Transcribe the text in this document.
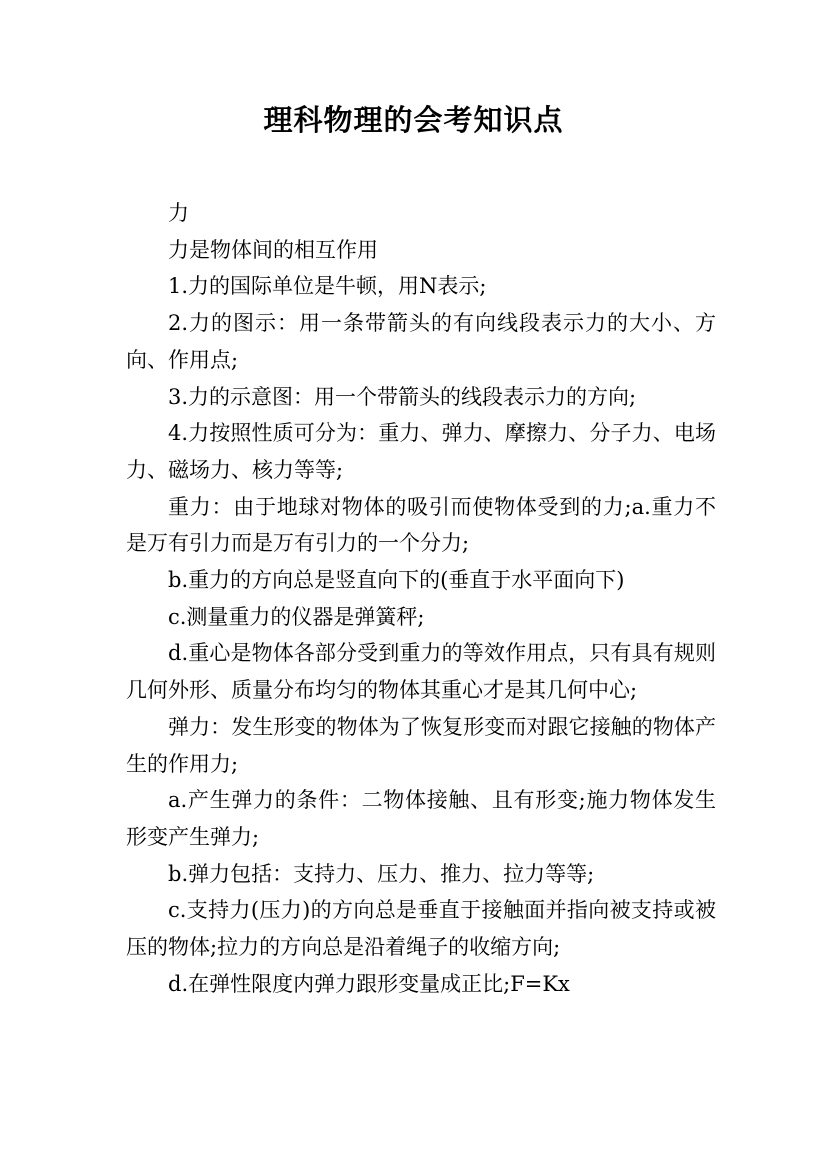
理科物理的会考知识点

力

力是物体间的相互作用

1.力的国际单位是牛顿，用N表示;

2.力的图示：用一条带箭头的有向线段表示力的大小、方向、作用点;

3.力的示意图：用一个带箭头的线段表示力的方向;

4.力按照性质可分为：重力、弹力、摩擦力、分子力、电场力、磁场力、核力等等;

重力：由于地球对物体的吸引而使物体受到的力;a.重力不是万有引力而是万有引力的一个分力;

b.重力的方向总是竖直向下的(垂直于水平面向下)

c.测量重力的仪器是弹簧秤;

d.重心是物体各部分受到重力的等效作用点，只有具有规则几何外形、质量分布均匀的物体其重心才是其几何中心;

弹力：发生形变的物体为了恢复形变而对跟它接触的物体产生的作用力;

a.产生弹力的条件：二物体接触、且有形变;施力物体发生形变产生弹力;

b.弹力包括：支持力、压力、推力、拉力等等;

c.支持力(压力)的方向总是垂直于接触面并指向被支持或被压的物体;拉力的方向总是沿着绳子的收缩方向;

d.在弹性限度内弹力跟形变量成正比;F=Kx
